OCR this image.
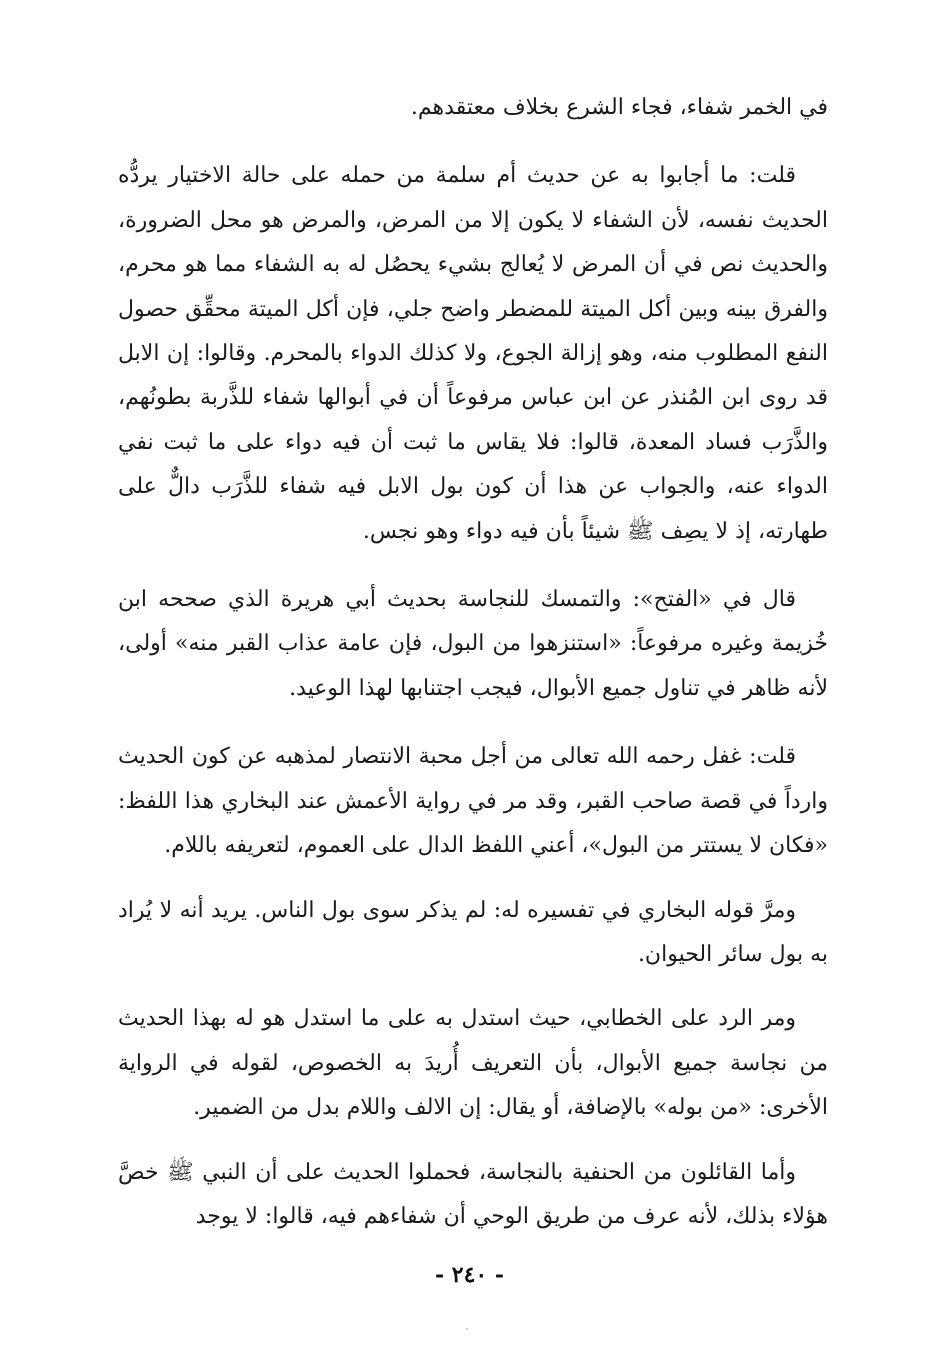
في الخمر شفاء، فجاء الشرع بخلاف معتقدهم.

قلت: ما أجابوا به عن حديث أم سلمة من حمله على حالة الاختيار يردُّه الحديث نفسه، لأن الشفاء لا يكون إلا من المرض، والمرض هو محل الضرورة، والحديث نص في أن المرض لا يُعالج بشيء يحصُل له به الشفاء مما هو محرم، والفرق بينه وبين أكل الميتة للمضطر واضح جلي، فإن أكل الميتة محقِّق حصول النفع المطلوب منه، وهو إزالة الجوع، ولا كذلك الدواء بالمحرم. وقالوا: إن الابل قد روى ابن المُنذر عن ابن عباس مرفوعاً أن في أبوالها شفاء للذَّربة بطونُهم، والذَّرَب فساد المعدة، قالوا: فلا يقاس ما ثبت أن فيه دواء على ما ثبت نفي الدواء عنه، والجواب عن هذا أن كون بول الابل فيه شفاء للذَّرَب دالٌّ على طهارته، إذ لا يصِف ﷺ شيئاً بأن فيه دواء وهو نجس.

قال في «الفتح»: والتمسك للنجاسة بحديث أبي هريرة الذي صححه ابن خُزيمة وغيره مرفوعاً: «استنزهوا من البول، فإن عامة عذاب القبر منه» أولى، لأنه ظاهر في تناول جميع الأبوال، فيجب اجتنابها لهذا الوعيد.

قلت: غفل رحمه الله تعالى من أجل محبة الانتصار لمذهبه عن كون الحديث وارداً في قصة صاحب القبر، وقد مر في رواية الأعمش عند البخاري هذا اللفظ: «فكان لا يستتر من البول»، أعني اللفظ الدال على العموم، لتعريفه باللام.

ومرَّ قوله البخاري في تفسيره له: لم يذكر سوى بول الناس. يريد أنه لا يُراد به بول سائر الحيوان.

ومر الرد على الخطابي، حيث استدل به على ما استدل هو له بهذا الحديث من نجاسة جميع الأبوال، بأن التعريف أُريدَ به الخصوص، لقوله في الرواية الأخرى: «من بوله» بالإضافة، أو يقال: إن الالف واللام بدل من الضمير.

وأما القائلون من الحنفية بالنجاسة، فحملوا الحديث على أن النبي ﷺ خصَّ هؤلاء بذلك، لأنه عرف من طريق الوحي أن شفاءهم فيه، قالوا: لا يوجد

- ٢٤٠ -
